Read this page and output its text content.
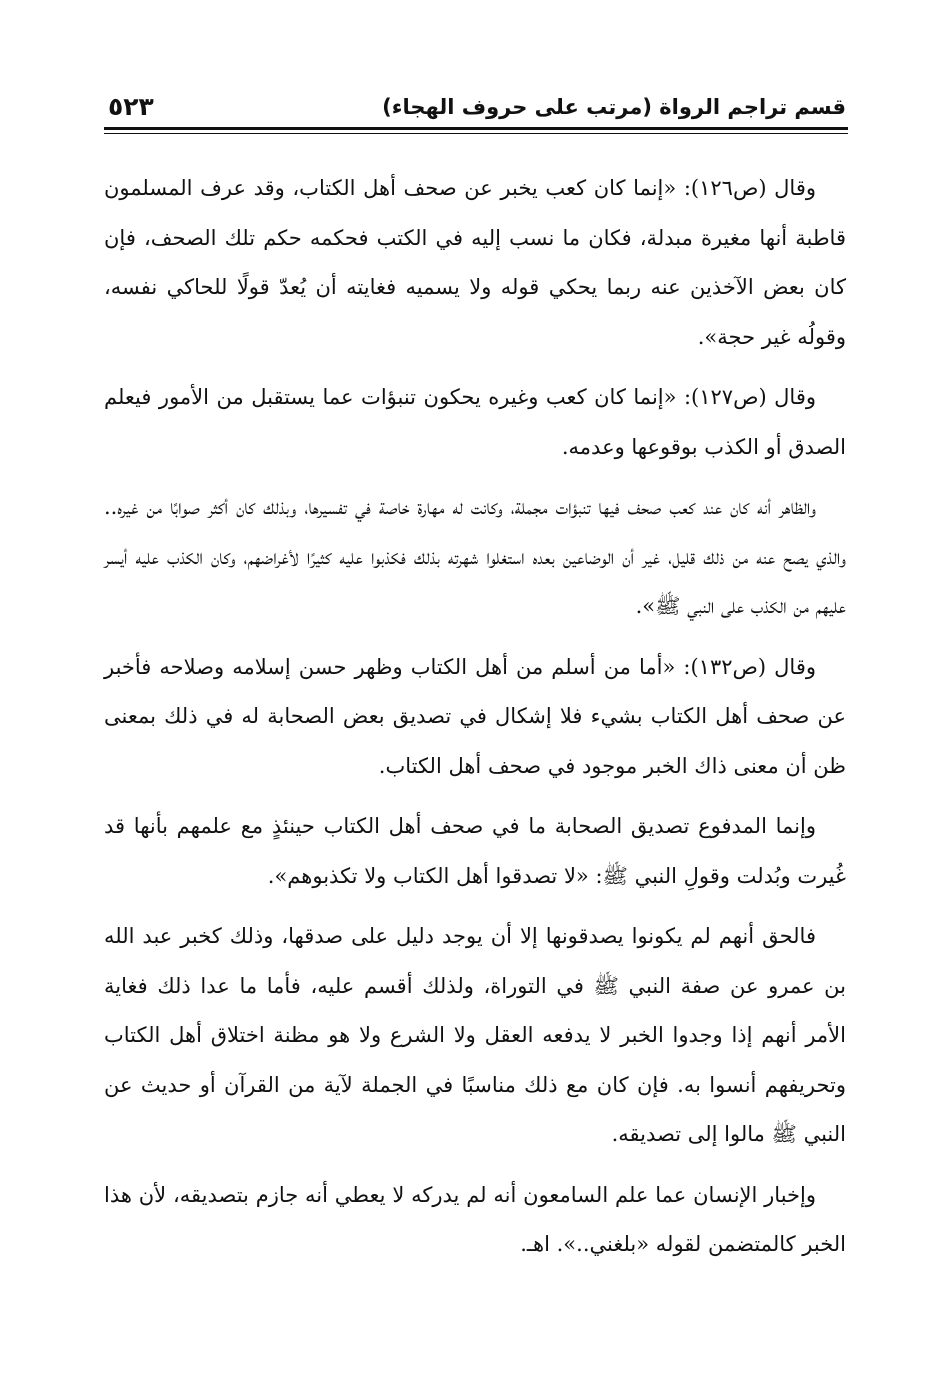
قسم تراجم الرواة (مرتب على حروف الهجاء)
٥٢٣

وقال (ص١٢٦): «إنما كان كعب يخبر عن صحف أهل الكتاب، وقد عرف المسلمون قاطبة أنها مغيرة مبدلة، فكان ما نسب إليه في الكتب فحكمه حكم تلك الصحف، فإن كان بعض الآخذين عنه ربما يحكي قوله ولا يسميه فغايته أن يُعدّ قولًا للحاكي نفسه، وقولُه غير حجة».

وقال (ص١٢٧): «إنما كان كعب وغيره يحكون تنبؤات عما يستقبل من الأمور فيعلم الصدق أو الكذب بوقوعها وعدمه.

والظاهر أنه كان عند كعب صحف فيها تنبؤات مجملة، وكانت له مهارة خاصة في تفسيرها، وبذلك كان أكثر صوابًا من غيره.. والذي يصح عنه من ذلك قليل، غير أن الوضاعين بعده استغلوا شهرته بذلك فكذبوا عليه كثيرًا لأغراضهم، وكان الكذب عليه أيسر عليهم من الكذب على النبي ﷺ».

وقال (ص١٣٢): «أما من أسلم من أهل الكتاب وظهر حسن إسلامه وصلاحه فأخبر عن صحف أهل الكتاب بشيء فلا إشكال في تصديق بعض الصحابة له في ذلك بمعنى ظن أن معنى ذاك الخبر موجود في صحف أهل الكتاب.

وإنما المدفوع تصديق الصحابة ما في صحف أهل الكتاب حينئذٍ مع علمهم بأنها قد غُيرت وبُدلت وقولِ النبي ﷺ: «لا تصدقوا أهل الكتاب ولا تكذبوهم».

فالحق أنهم لم يكونوا يصدقونها إلا أن يوجد دليل على صدقها، وذلك كخبر عبد الله بن عمرو عن صفة النبي ﷺ في التوراة، ولذلك أقسم عليه، فأما ما عدا ذلك فغاية الأمر أنهم إذا وجدوا الخبر لا يدفعه العقل ولا الشرع ولا هو مظنة اختلاق أهل الكتاب وتحريفهم أنسوا به. فإن كان مع ذلك مناسبًا في الجملة لآية من القرآن أو حديث عن النبي ﷺ مالوا إلى تصديقه.

وإخبار الإنسان عما علم السامعون أنه لم يدركه لا يعطي أنه جازم بتصديقه، لأن هذا الخبر كالمتضمن لقوله «بلغني..». اهـ.
